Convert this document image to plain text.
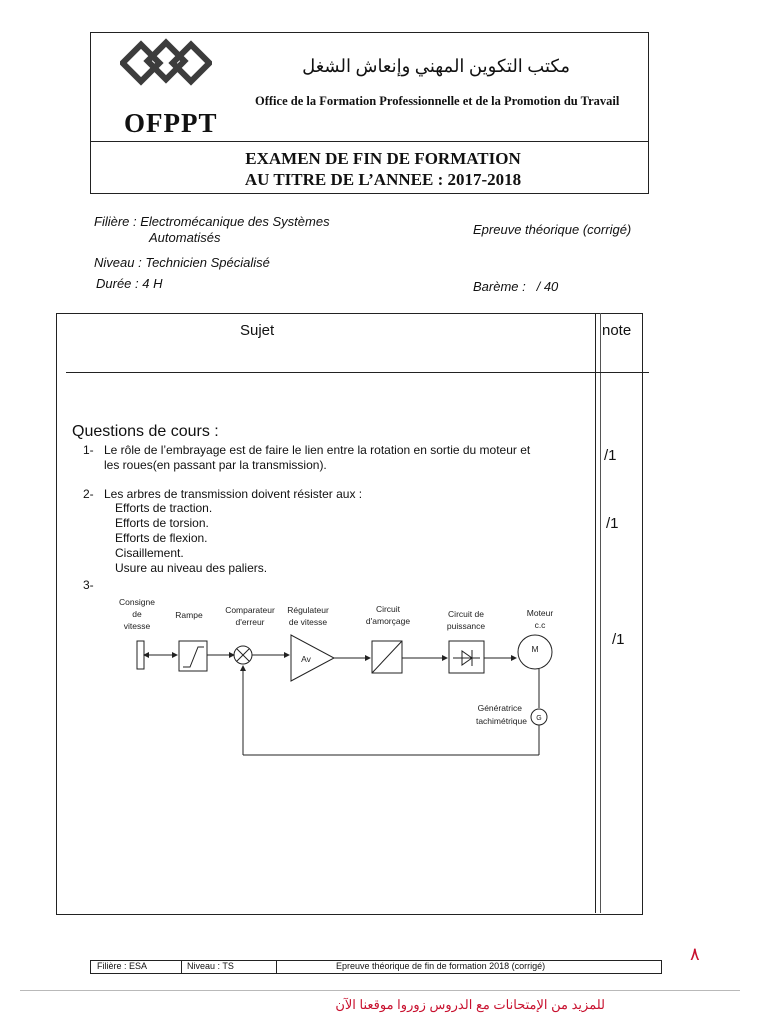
OFPPT
مكتب التكوين المهني وإنعاش الشغل
Office de la Formation Professionnelle et de la Promotion du Travail
EXAMEN DE FIN DE FORMATION
AU TITRE DE L’ANNEE : 2017-2018
Filière : Electromécanique des Systèmes
Automatisés
Niveau : Technicien Spécialisé
Durée : 4 H
Epreuve théorique (corrigé)
Barème : / 40
Sujet	note
Questions de cours :
1- Le rôle de l’embrayage est de faire le lien entre la rotation en sortie du moteur et
les roues(en passant par la transmission).
/1
2- Les arbres de transmission doivent résister aux :
Efforts de traction.
Efforts de torsion.
Efforts de flexion.
Cisaillement.
Usure au niveau des paliers.
/1
3-
/1
Consigne
de
vitesse
Rampe	Comparateur
d'erreur
Régulateur
de vitesse
Circuit
d'amorçage
Circuit de
puissance
Moteur
c.c
Génératrice
tachimétrique
Av
M
G
٨
Filière : ESA	Niveau : TS	Epreuve théorique de fin de formation 2018 (corrigé)
للمزيد من الإمتحانات مع الدروس زوروا موقعنا الآن
